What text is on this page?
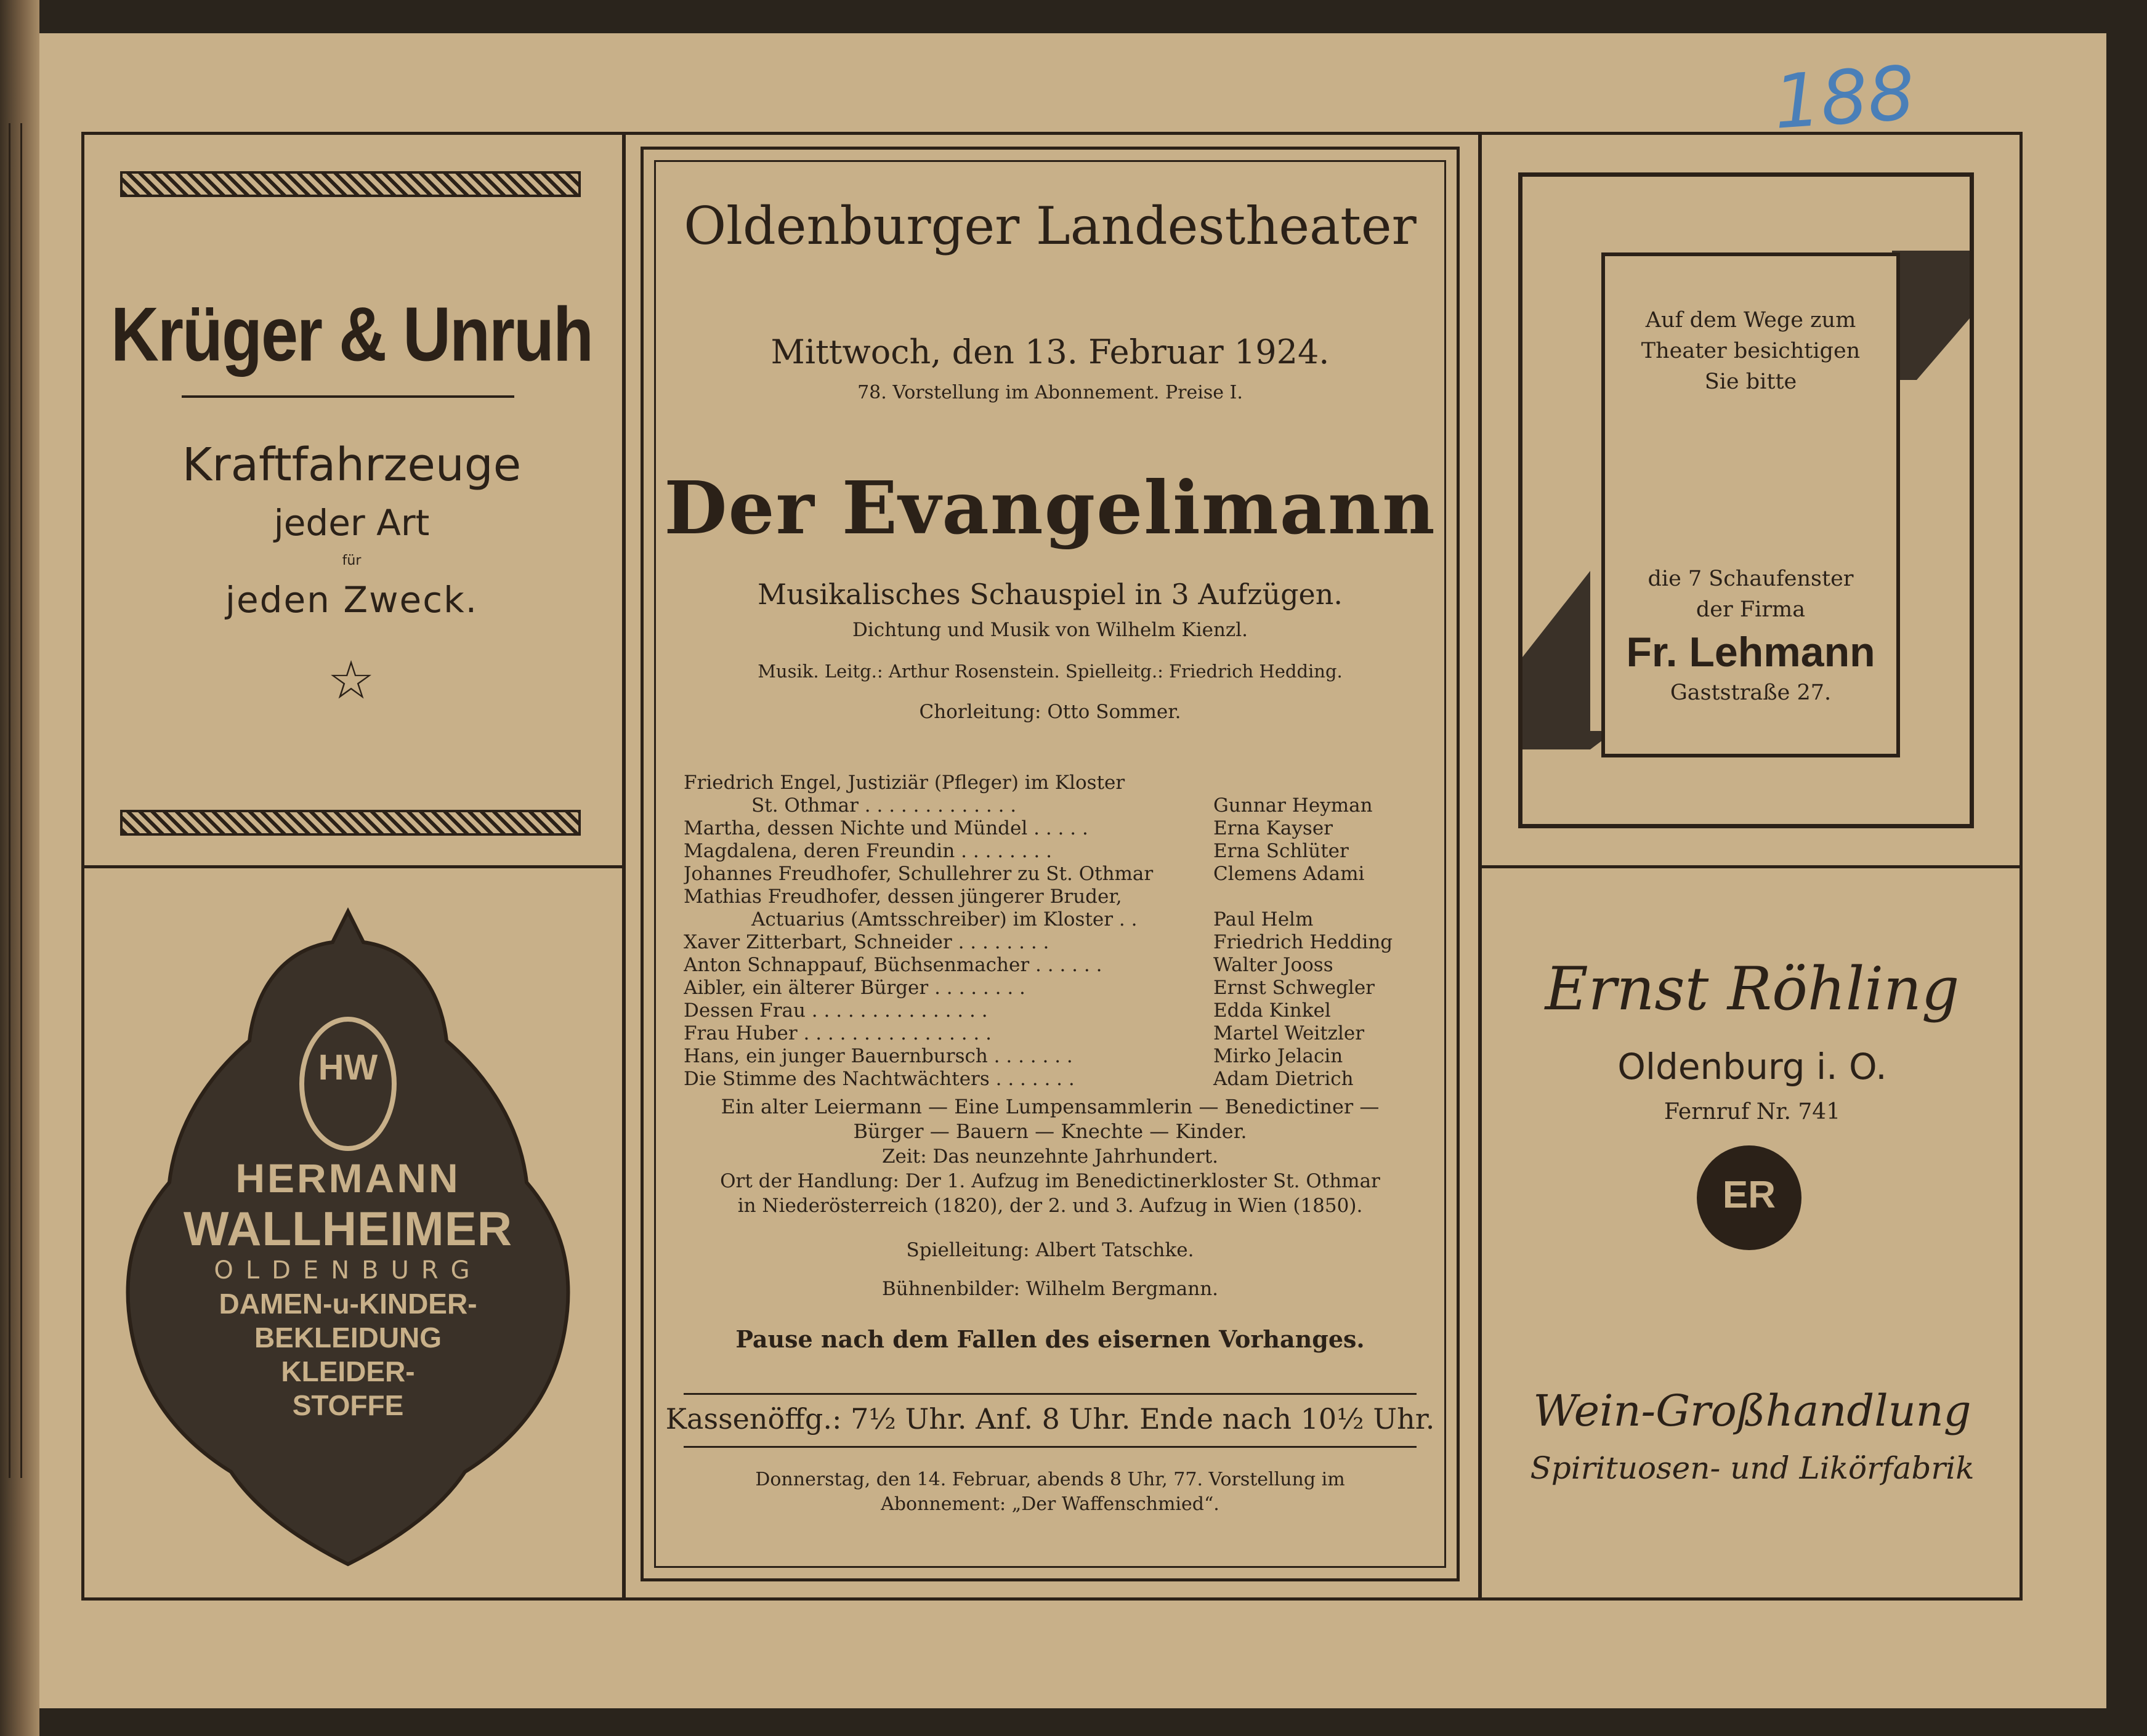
188
Krüger & Unruh
Kraftfahrzeuge
jeder Art
für
jeden Zweck.
☆
HW
HERMANN
WALLHEIMER
OLDENBURG
DAMEN-u-KINDER-
BEKLEIDUNG
KLEIDER-
STOFFE
Oldenburger Landestheater
Mittwoch, den 13. Februar 1924.
78. Vorstellung im Abonnement. Preise I.
Der Evangelimann
Musikalisches Schauspiel in 3 Aufzügen.
Dichtung und Musik von Wilhelm Kienzl.
Musik. Leitg.: Arthur Rosenstein. Spielleitg.: Friedrich Hedding.
Chorleitung: Otto Sommer.
Friedrich Engel, Justiziär (Pfleger) im Kloster
St. Othmar . . . . . . . . . . . . .	Gunnar Heyman
Martha, dessen Nichte und Mündel . . . . .	Erna Kayser
Magdalena, deren Freundin . . . . . . . .	Erna Schlüter
Johannes Freudhofer, Schullehrer zu St. Othmar	Clemens Adami
Mathias Freudhofer, dessen jüngerer Bruder,
Actuarius (Amtsschreiber) im Kloster . .	Paul Helm
Xaver Zitterbart, Schneider . . . . . . . .	Friedrich Hedding
Anton Schnappauf, Büchsenmacher . . . . . .	Walter Jooss
Aibler, ein älterer Bürger . . . . . . . .	Ernst Schwegler
Dessen Frau . . . . . . . . . . . . . . .	Edda Kinkel
Frau Huber . . . . . . . . . . . . . . . .	Martel Weitzler
Hans, ein junger Bauernbursch . . . . . . .	Mirko Jelacin
Die Stimme des Nachtwächters . . . . . . .	Adam Dietrich
Ein alter Leiermann — Eine Lumpensammlerin — Benedictiner —
Bürger — Bauern — Knechte — Kinder.
Zeit: Das neunzehnte Jahrhundert.
Ort der Handlung: Der 1. Aufzug im Benedictinerkloster St. Othmar
in Niederösterreich (1820), der 2. und 3. Aufzug in Wien (1850).
Spielleitung: Albert Tatschke.
Bühnenbilder: Wilhelm Bergmann.
Pause nach dem Fallen des eisernen Vorhanges.
Kassenöffg.: 7½ Uhr. Anf. 8 Uhr. Ende nach 10½ Uhr.
Donnerstag, den 14. Februar, abends 8 Uhr, 77. Vorstellung im
Abonnement: „Der Waffenschmied“.
Auf dem Wege zum
Theater besichtigen
Sie bitte
die 7 Schaufenster
der Firma
Fr. Lehmann
Gaststraße 27.
Ernst Röhling
Oldenburg i. O.
Fernruf Nr. 741
ER
Wein-Großhandlung
Spirituosen- und Likörfabrik
